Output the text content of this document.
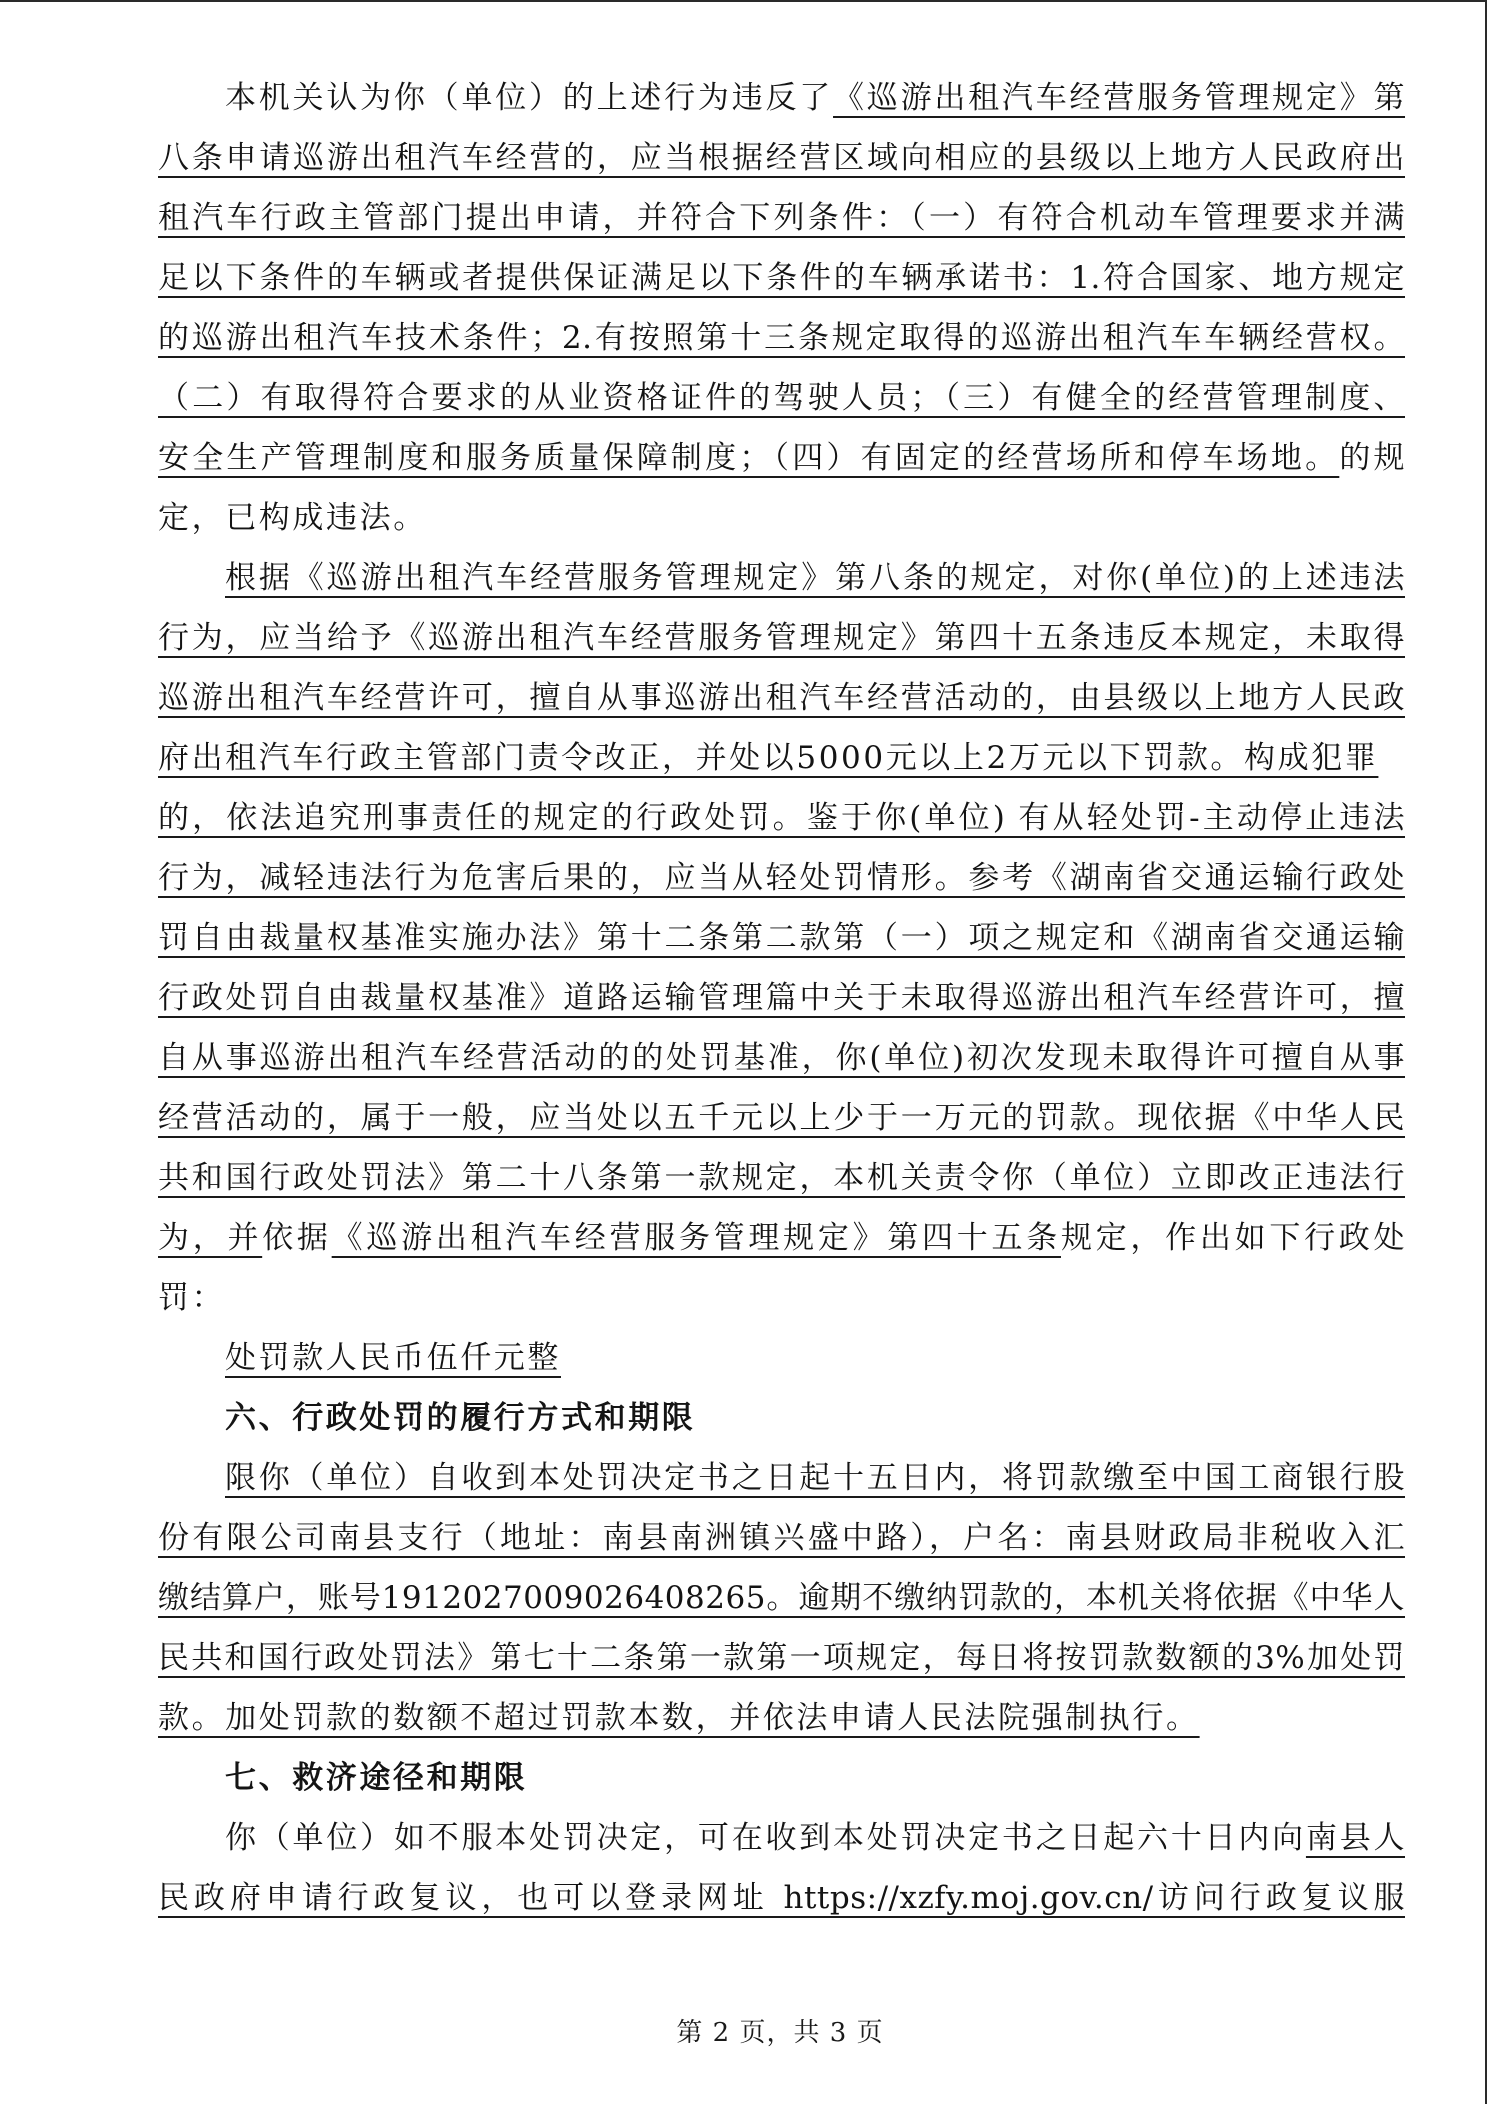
本机关认为你（单位）的上述行为违反了《巡游出租汽车经营服务管理规定》第
八条申请巡游出租汽车经营的，应当根据经营区域向相应的县级以上地方人民政府出
租汽车行政主管部门提出申请，并符合下列条件：（一）有符合机动车管理要求并满
足以下条件的车辆或者提供保证满足以下条件的车辆承诺书：1.符合国家、地方规定
的巡游出租汽车技术条件；2.有按照第十三条规定取得的巡游出租汽车车辆经营权。
（二）有取得符合要求的从业资格证件的驾驶人员；（三）有健全的经营管理制度、
安全生产管理制度和服务质量保障制度；（四）有固定的经营场所和停车场地。的规
定，已构成违法。
根据《巡游出租汽车经营服务管理规定》第八条的规定，对你(单位)的上述违法
行为，应当给予《巡游出租汽车经营服务管理规定》第四十五条违反本规定，未取得
巡游出租汽车经营许可，擅自从事巡游出租汽车经营活动的，由县级以上地方人民政
府出租汽车行政主管部门责令改正，并处以5000元以上2万元以下罚款。构成犯罪
的，依法追究刑事责任的规定的行政处罚。鉴于你(单位) 有从轻处罚-主动停止违法
行为，减轻违法行为危害后果的，应当从轻处罚情形。参考《湖南省交通运输行政处
罚自由裁量权基准实施办法》第十二条第二款第（一）项之规定和《湖南省交通运输
行政处罚自由裁量权基准》道路运输管理篇中关于未取得巡游出租汽车经营许可，擅
自从事巡游出租汽车经营活动的的处罚基准，你(单位)初次发现未取得许可擅自从事
经营活动的，属于一般，应当处以五千元以上少于一万元的罚款。现依据《中华人民
共和国行政处罚法》第二十八条第一款规定，本机关责令你（单位）立即改正违法行
为，并依据《巡游出租汽车经营服务管理规定》第四十五条规定，作出如下行政处
罚：
处罚款人民币伍仟元整
六、行政处罚的履行方式和期限
限你（单位）自收到本处罚决定书之日起十五日内，将罚款缴至中国工商银行股
份有限公司南县支行（地址：南县南洲镇兴盛中路），户名：南县财政局非税收入汇
缴结算户，账号1912027009026408265。逾期不缴纳罚款的，本机关将依据《中华人
民共和国行政处罚法》第七十二条第一款第一项规定，每日将按罚款数额的3%加处罚
款。加处罚款的数额不超过罚款本数，并依法申请人民法院强制执行。
七、救济途径和期限
你（单位）如不服本处罚决定，可在收到本处罚决定书之日起六十日内向南县人
民政府申请行政复议，也可以登录网址 https://xzfy.moj.gov.cn/访问行政复议服
第 2 页，共 3 页
